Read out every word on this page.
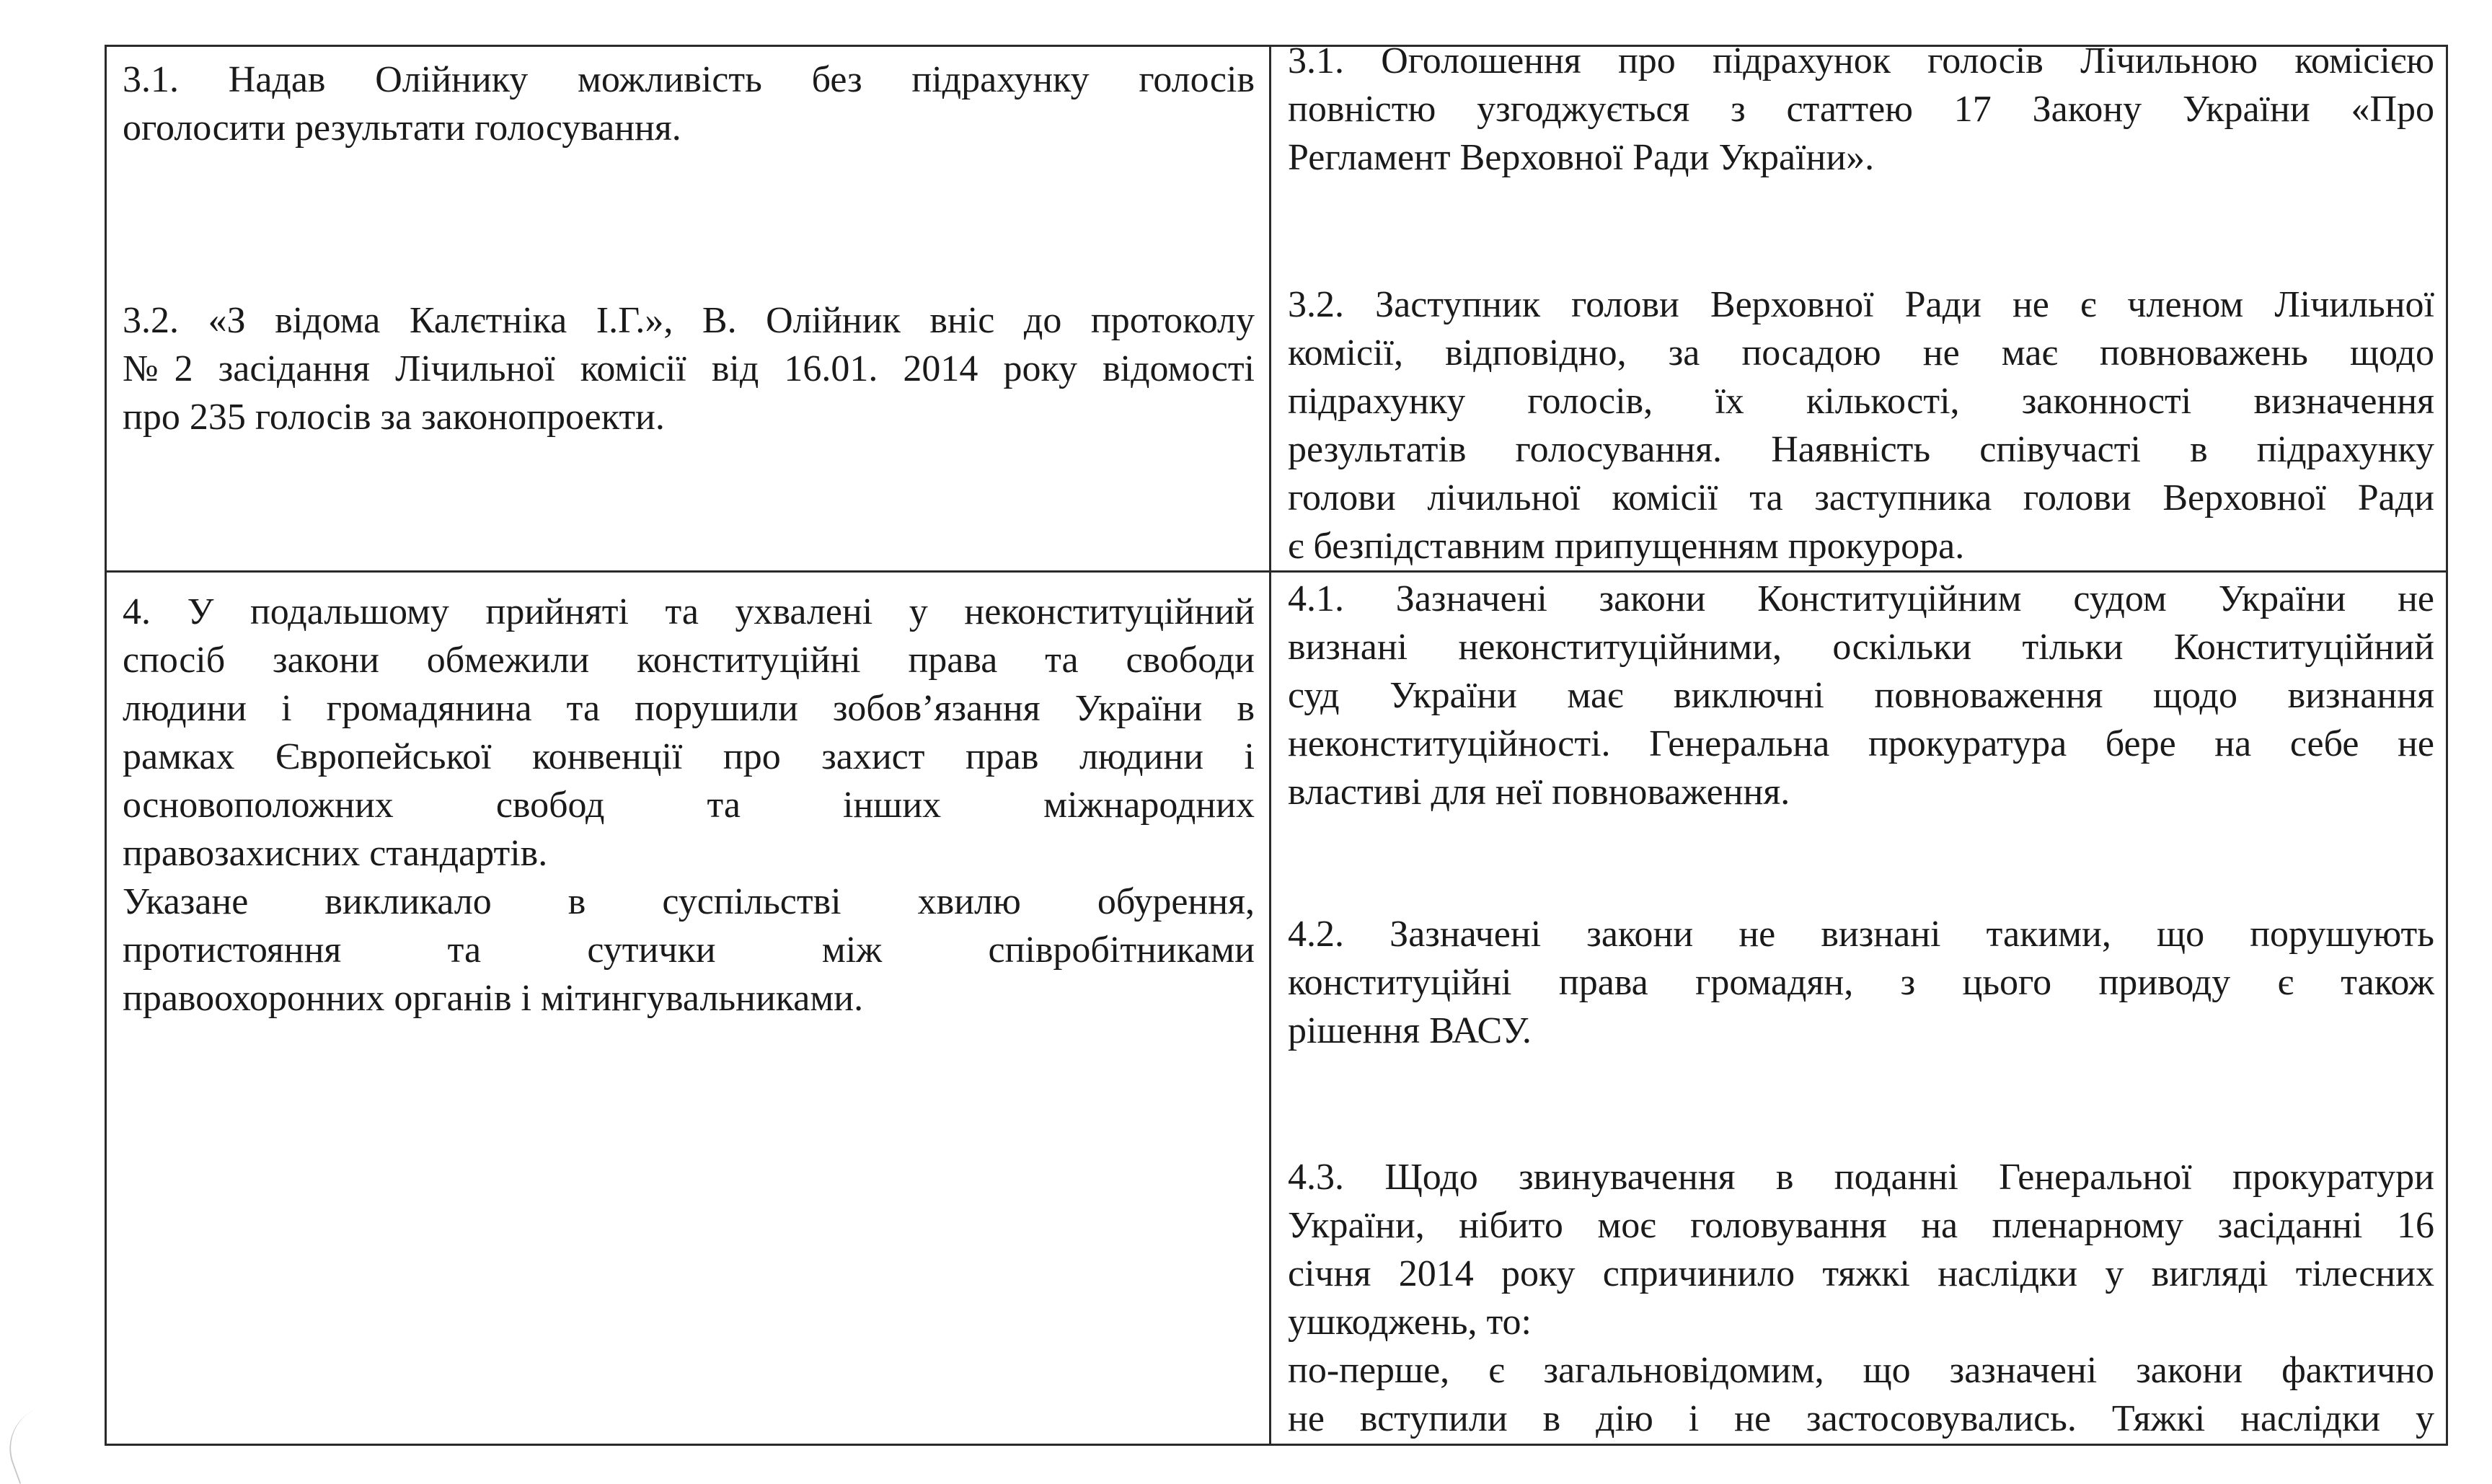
3.1. Надав Олійнику можливість без підрахунку голосів
оголосити результати голосування.
3.2. «З відома Калєтніка І.Г.», В. Олійник вніс до протоколу
№2 засідання Лічильної комісії від 16.01. 2014 року відомості
про 235 голосів за законопроекти.
3.1. Оголошення про підрахунок голосів Лічильною комісією
повністю узгоджується з статтею 17 Закону України «Про
Регламент Верховної Ради України».
3.2. Заступник голови Верховної Ради не є членом Лічильної
комісії, відповідно, за посадою не має повноважень щодо
підрахунку голосів, їх кількості, законності визначення
результатів голосування. Наявність співучасті в підрахунку
голови лічильної комісії та заступника голови Верховної Ради
є безпідставним припущенням прокурора.
4. У подальшому прийняті та ухвалені у неконституційний
спосіб закони обмежили конституційні права та свободи
людини і громадянина та порушили зобов’язання України в
рамках Європейської конвенції про захист прав людини і
основоположних свобод та інших міжнародних
правозахисних стандартів.
Указане викликало в суспільстві хвилю обурення,
протистояння та сутички між співробітниками
правоохоронних органів і мітингувальниками.
4.1. Зазначені закони Конституційним судом України не
визнані неконституційними, оскільки тільки Конституційний
суд України має виключні повноваження щодо визнання
неконституційності. Генеральна прокуратура бере на себе не
властиві для неї повноваження.
4.2. Зазначені закони не визнані такими, що порушують
конституційні права громадян, з цього приводу є також
рішення ВАСУ.
4.3. Щодо звинувачення в поданні Генеральної прокуратури
України, нібито моє головування на пленарному засіданні 16
січня 2014 року спричинило тяжкі наслідки у вигляді тілесних
ушкоджень, то:
по-перше, є загальновідомим, що зазначені закони фактично
не вступили в дію і не застосовувались. Тяжкі наслідки у
